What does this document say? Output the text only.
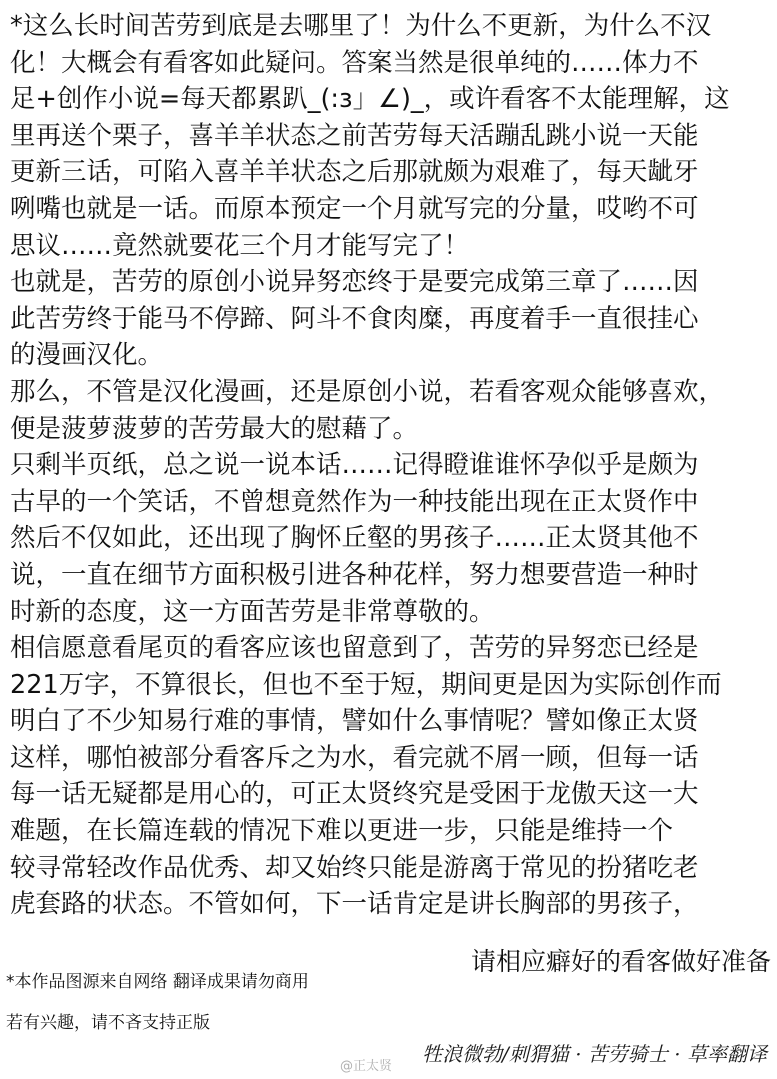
*这么长时间苦劳到底是去哪里了！为什么不更新，为什么不汉
化！大概会有看客如此疑问。答案当然是很单纯的……体力不
足+创作小说=每天都累趴_(:з」∠)_，或许看客不太能理解，这
里再送个栗子，喜羊羊状态之前苦劳每天活蹦乱跳小说一天能
更新三话，可陷入喜羊羊状态之后那就颇为艰难了，每天龇牙
咧嘴也就是一话。而原本预定一个月就写完的分量，哎哟不可
思议……竟然就要花三个月才能写完了！
也就是，苦劳的原创小说异努恋终于是要完成第三章了……因
此苦劳终于能马不停蹄、阿斗不食肉糜，再度着手一直很挂心
的漫画汉化。
那么，不管是汉化漫画，还是原创小说，若看客观众能够喜欢，
便是菠萝菠萝的苦劳最大的慰藉了。
只剩半页纸，总之说一说本话……记得瞪谁谁怀孕似乎是颇为
古早的一个笑话，不曾想竟然作为一种技能出现在正太贤作中
然后不仅如此，还出现了胸怀丘壑的男孩子……正太贤其他不
说，一直在细节方面积极引进各种花样，努力想要营造一种时
时新的态度，这一方面苦劳是非常尊敬的。
相信愿意看尾页的看客应该也留意到了，苦劳的异努恋已经是
221万字，不算很长，但也不至于短，期间更是因为实际创作而
明白了不少知易行难的事情，譬如什么事情呢？譬如像正太贤
这样，哪怕被部分看客斥之为水，看完就不屑一顾，但每一话
每一话无疑都是用心的，可正太贤终究是受困于龙傲天这一大
难题，在长篇连载的情况下难以更进一步，只能是维持一个
较寻常轻改作品优秀、却又始终只能是游离于常见的扮猪吃老
虎套路的状态。不管如何，下一话肯定是讲长胸部的男孩子，
请相应癖好的看客做好准备
*本作品图源来自网络 翻译成果请勿商用
若有兴趣，请不吝支持正版
@正太贤
牲浪微勃/刺猬猫 · 苦劳骑士 · 草率翻译
